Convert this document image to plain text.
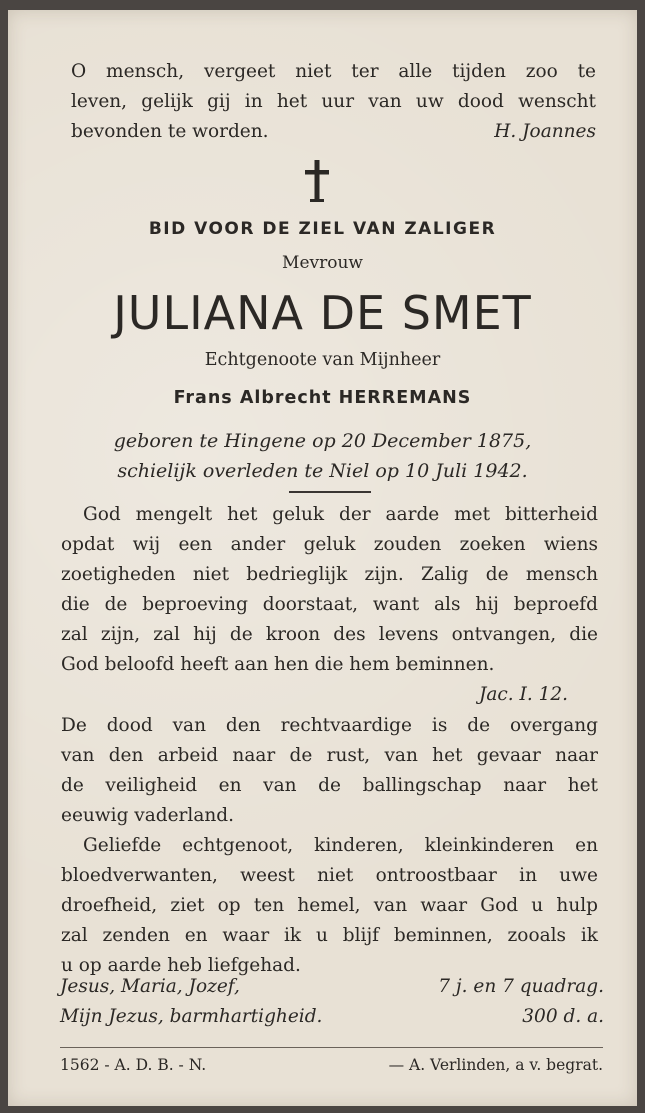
O mensch, vergeet niet ter alle tijden zoo te
leven, gelijk gij in het uur van uw dood wenscht
bevonden te worden.	H. Joannes
BID VOOR DE ZIEL VAN ZALIGER
Mevrouw
JULIANA DE SMET
Echtgenoote van Mijnheer
Frans Albrecht HERREMANS
geboren te Hingene op 20 December 1875,
schielijk overleden te Niel op 10 Juli 1942.
God mengelt het geluk der aarde met bitterheid
opdat wij een ander geluk zouden zoeken wiens
zoetigheden niet bedrieglijk zijn. Zalig de mensch
die de beproeving doorstaat, want als hij beproefd
zal zijn, zal hij de kroon des levens ontvangen, die
God beloofd heeft aan hen die hem beminnen.
Jac. I. 12.
De dood van den rechtvaardige is de overgang
van den arbeid naar de rust, van het gevaar naar
de veiligheid en van de ballingschap naar het
eeuwig vaderland.
Geliefde echtgenoot, kinderen, kleinkinderen en
bloedverwanten, weest niet ontroostbaar in uwe
droefheid, ziet op ten hemel, van waar God u hulp
zal zenden en waar ik u blijf beminnen, zooals ik
u op aarde heb liefgehad.
Jesus, Maria, Jozef,	7 j. en 7 quadrag.
Mijn Jezus, barmhartigheid.	300 d. a.
1562 - A. D. B. - N.	— A. Verlinden, a v. begrat.
